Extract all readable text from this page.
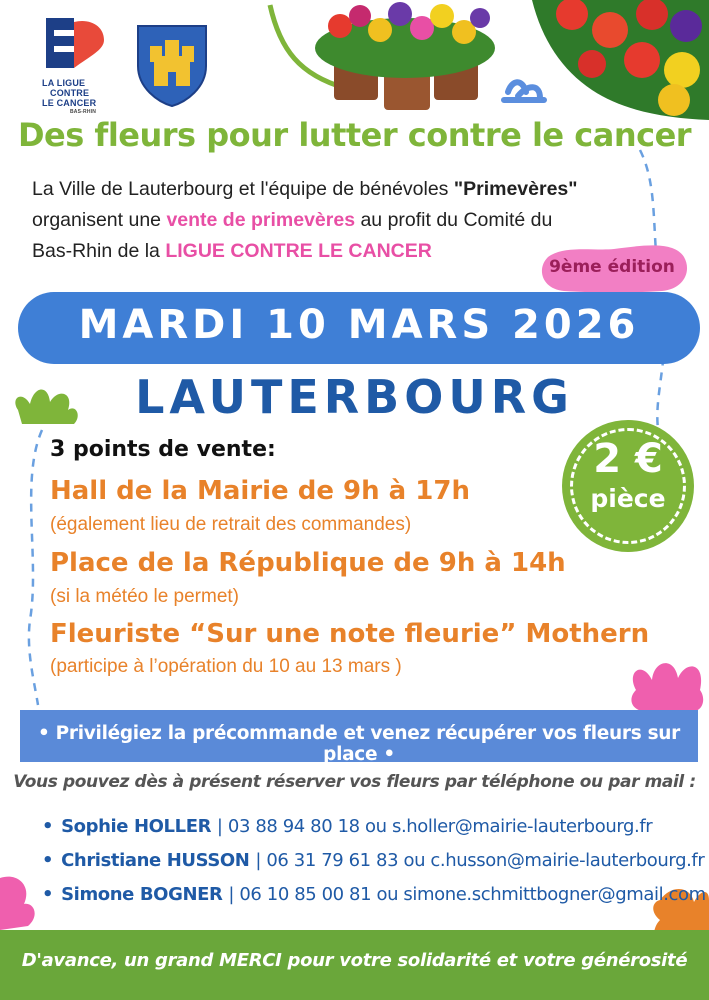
LA LIGUE
CONTRE
LE CANCER
BAS-RHIN
Des fleurs pour lutter contre le cancer
La Ville de Lauterbourg et l'équipe de bénévoles "Primevères"
organisent une vente de primevères au profit du Comité du
Bas-Rhin de la LIGUE CONTRE LE CANCER
9ème édition
MARDI 10 MARS 2026
LAUTERBOURG
2 €
pièce
3 points de vente:
Hall de la Mairie de 9h à 17h
(également lieu de retrait des commandes)
Place de la République de 9h à 14h
(si la météo le permet)
Fleuriste “Sur une note fleurie” Mothern
(participe à l’opération du 10 au 13 mars )
• Privilégiez la précommande et venez récupérer vos fleurs sur place •
Vous pouvez dès à présent réserver vos fleurs par téléphone ou par mail :
• Sophie HOLLER | 03 88 94 80 18 ou s.holler@mairie-lauterbourg.fr
• Christiane HUSSON | 06 31 79 61 83 ou c.husson@mairie-lauterbourg.fr
• Simone BOGNER | 06 10 85 00 81 ou simone.schmittbogner@gmail.com
D'avance, un grand MERCI pour votre solidarité et votre générosité
